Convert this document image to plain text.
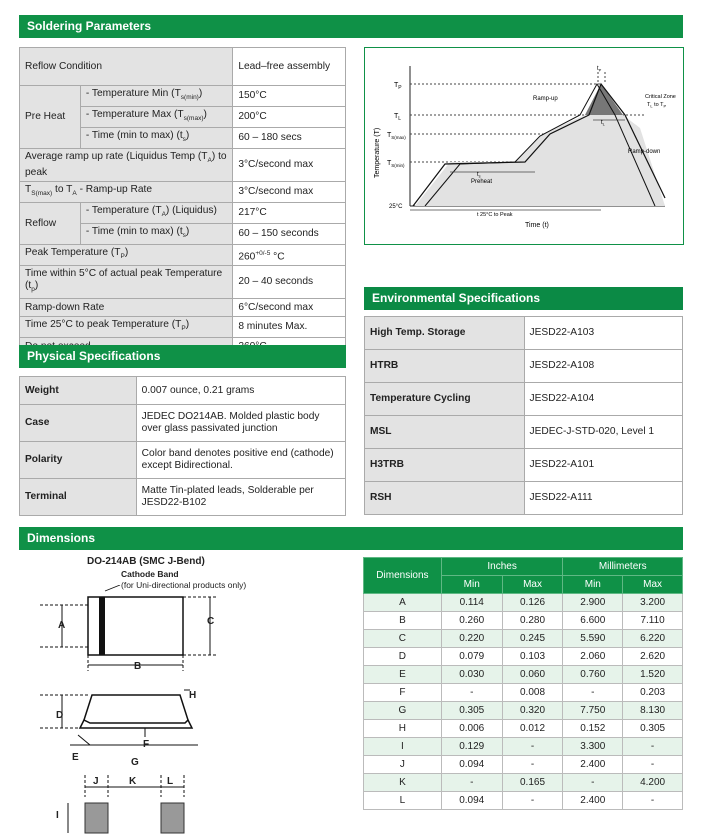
Soldering Parameters
Reflow Condition		Lead–free assembly
Pre Heat	- Temperature Min $(T_{s(min)})$	150°C
	- Temperature Max $(T_{s(max)})$	200°C
	- Time (min to max) $(t_s)$	60 – 180 secs
Average ramp up rate (Liquidus Temp $(T_A)$ to peak		3°C/second max
$T_{S(max)}$ to $T_A$ - Ramp-up Rate		3°C/second max
Reflow	- Temperature $(T_A)$ (Liquidus)	217°C
	- Time (min to max) $(t_s)$	60 – 150 seconds
Peak Temperature $(T_P)$		$260^{+0/-5}$ °C
Time within 5°C of actual peak Temperature $(t_p)$		20 – 40 seconds
Ramp-down Rate		6°C/second max
Time 25°C to peak Temperature $(T_P)$		8 minutes Max.

$T_P$
$T_L$
$T_{S(max)}$
$T_{S(min)}$
25°C
Temperature (T)
Time (t)
Ramp-up
Ramp-down
Critical Zone
$T_L$ to $T_P$
$t_s$
Preheat
$t_L$
$t_P$
t 25°C to Peak
Environmental Specifications
High Temp. Storage	JESD22-A103
HTRB	JESD22-A108
Temperature Cycling	JESD22-A104
MSL	JEDEC-J-STD-020, Level 1
H3TRB	JESD22-A101
RSH	JESD22-A111
Physical Specifications
Weight	0.007 ounce, 0.21 grams
Case	JEDEC DO214AB. Molded plastic body over glass passivated junction
Polarity	Color band denotes positive end (cathode) except Bidirectional.
Terminal	Matte Tin-plated leads, Solderable per JESD22-B102
Dimensions
DO-214AB (SMC J-Bend)
Cathode Band
(for Uni-directional products only)
A
B
C
D
E
F
G
H
I
J	K	L
Dimensions	Inches		Millimeters	
	Min	Max	Min	Max
A	0.114	0.126	2.900	3.200
B	0.260	0.280	6.600	7.110
C	0.220	0.245	5.590	6.220
D	0.079	0.103	2.060	2.620
E	0.030	0.060	0.760	1.520
F	-	0.008	-	0.203
G	0.305	0.320	7.750	8.130
H	0.006	0.012	0.152	0.305
I	0.129	-	3.300	-
J	0.094	-	2.400	-
K	-	0.165	-	4.200
L	0.094	-	2.400	-
